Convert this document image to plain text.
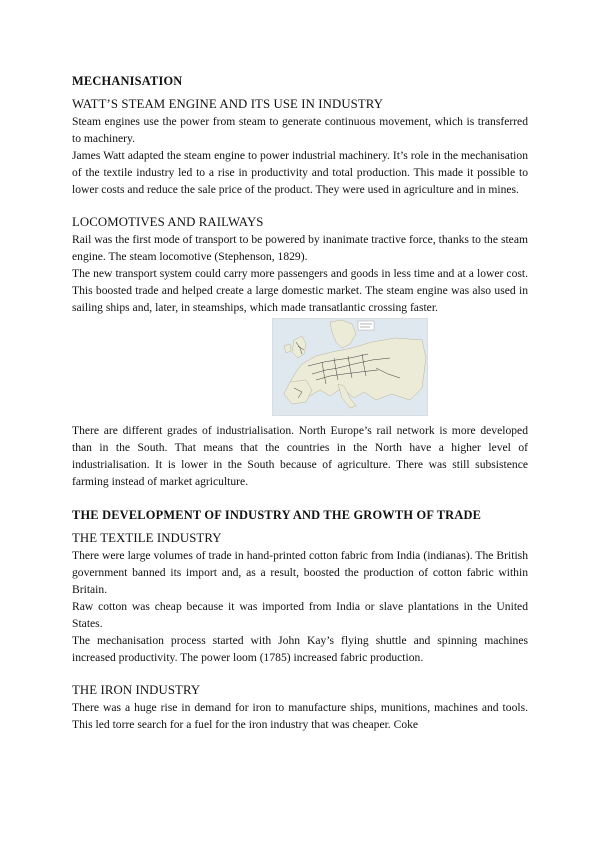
MECHANISATION
WATT’S STEAM ENGINE AND ITS USE IN INDUSTRY

Steam engines use the power from steam to generate continuous movement, which is transferred to machinery.

James Watt adapted the steam engine to power industrial machinery. It’s role in the mechanisation of the textile industry led to a rise in productivity and total production. This made it possible to lower costs and reduce the sale price of the product. They were used in agriculture and in mines.

LOCOMOTIVES AND RAILWAYS

Rail was the first mode of transport to be powered by inanimate tractive force, thanks to the steam engine. The steam locomotive (Stephenson, 1829).

The new transport system could carry more passengers and goods in less time and at a lower cost. This boosted trade and helped create a large domestic market. The steam engine was also used in sailing ships and, later, in steamships, which made transatlantic crossing faster.

There are different grades of industrialisation. North Europe’s rail network is more developed than in the South. That means that the countries in the North have a higher level of industrialisation. It is lower in the South because of agriculture. There was still subsistence farming instead of market agriculture.

THE DEVELOPMENT OF INDUSTRY AND THE GROWTH OF TRADE
THE TEXTILE INDUSTRY

There were large volumes of trade in hand-printed cotton fabric from India (indianas). The British government banned its import and, as a result, boosted the production of cotton fabric within Britain.

Raw cotton was cheap because it was imported from India or slave plantations in the United States.

The mechanisation process started with John Kay’s flying shuttle and spinning machines increased productivity. The power loom (1785) increased fabric production.

THE IRON INDUSTRY

There was a huge rise in demand for iron to manufacture ships, munitions, machines and tools. This led torre search for a fuel for the iron industry that was cheaper. Coke
